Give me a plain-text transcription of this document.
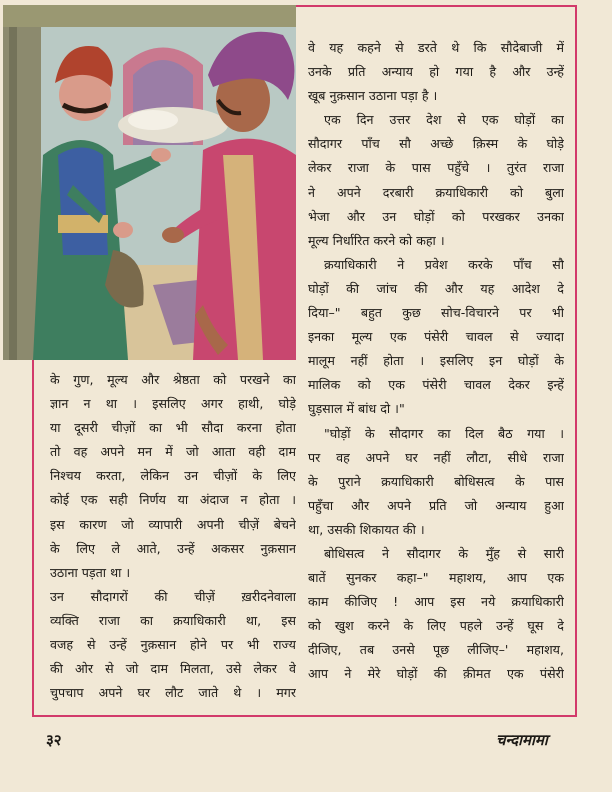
वे यह कहने से डरते थे कि सौदेबाजी में
उनके प्रति अन्याय हो गया है और उन्हें
खूब नुक़सान उठाना पड़ा है ।
एक दिन उत्तर देश से एक घोड़ों का
सौदागर पाँच सौ अच्छे क़िस्म के घोड़े
लेकर राजा के पास पहुँचे । तुरंत राजा
ने अपने दरबारी क्रयाधिकारी को बुला
भेजा और उन घोड़ों को परखकर उनका
मूल्य निर्धारित करने को कहा ।
क्रयाधिकारी ने प्रवेश करके पाँच सौ
घोड़ों की जांच की और यह आदेश दे
दिया–" बहुत कुछ सोच-विचारने पर भी
इनका मूल्य एक पंसेरी चावल से ज्यादा
मालूम नहीं होता । इसलिए इन घोड़ों के
मालिक को एक पंसेरी चावल देकर इन्हें
घुड़साल में बांध दो ।"
"घोड़ों के सौदागर का दिल बैठ गया ।
पर वह अपने घर नहीं लौटा, सीधे राजा
के पुराने क्रयाधिकारी बोधिसत्व के पास
पहुँचा और अपने प्रति जो अन्याय हुआ
था, उसकी शिकायत की ।
बोधिसत्व ने सौदागर के मुँह से सारी
बातें सुनकर कहा–" महाशय, आप एक
काम कीजिए ! आप इस नये क्रयाधिकारी
को खुश करने के लिए पहले उन्हें घूस दे
दीजिए, तब उनसे पूछ लीजिए–' महाशय,
आप ने मेरे घोड़ों की क़ीमत एक पंसेरी
के गुण, मूल्य और श्रेष्ठता को परखने का
ज्ञान न था । इसलिए अगर हाथी, घोड़े
या दूसरी चीज़ों का भी सौदा करना होता
तो वह अपने मन में जो आता वही दाम
निश्चय करता, लेकिन उन चीज़ों के लिए
कोई एक सही निर्णय या अंदाज न होता ।
इस कारण जो व्यापारी अपनी चीज़ें बेचने
के लिए ले आते, उन्हें अकसर नुक़सान
उठाना पड़ता था ।
उन सौदागरों की चीज़ें ख़रीदनेवाला
व्यक्ति राजा का क्रयाधिकारी था, इस
वजह से उन्हें नुक़सान होने पर भी राज्य
की ओर से जो दाम मिलता, उसे लेकर वे
चुपचाप अपने घर लौट जाते थे । मगर
३२	चन्दामामा
